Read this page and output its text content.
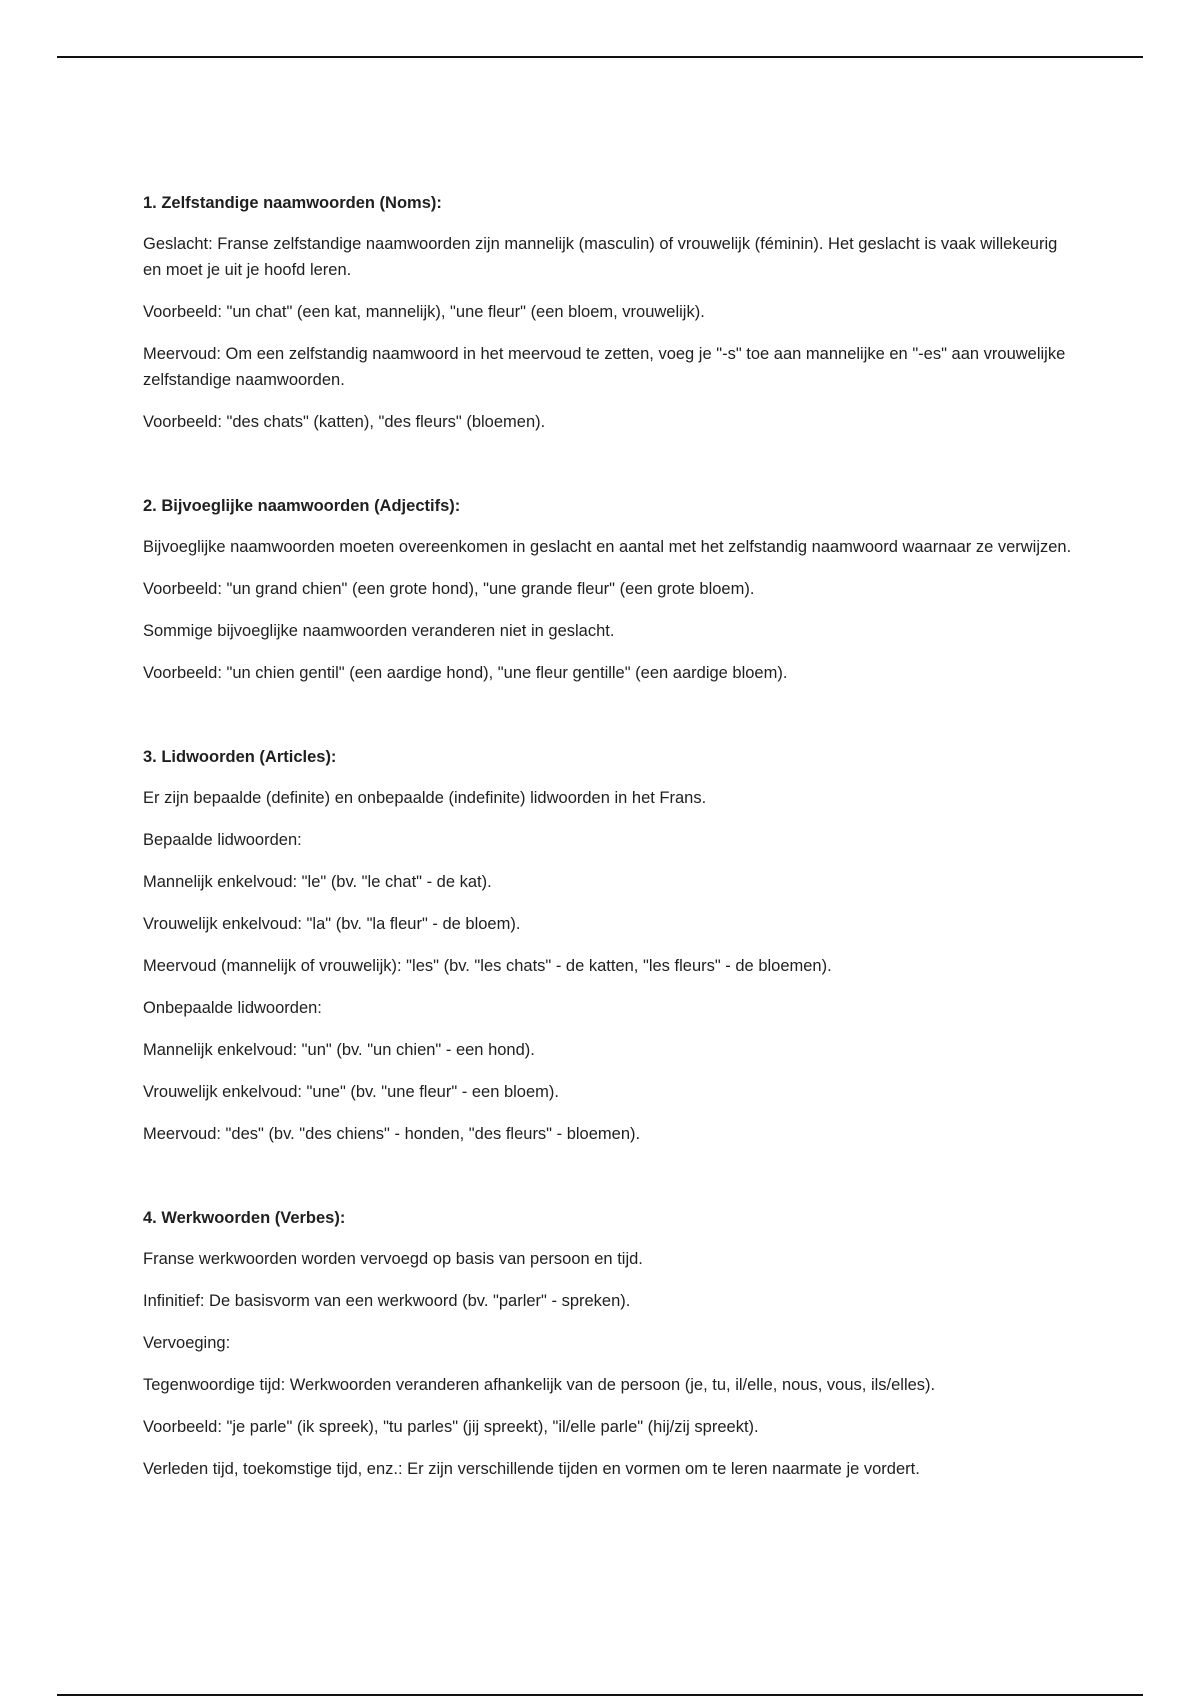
1. Zelfstandige naamwoorden (Noms):
Geslacht: Franse zelfstandige naamwoorden zijn mannelijk (masculin) of vrouwelijk (féminin). Het geslacht is vaak willekeurig en moet je uit je hoofd leren.
Voorbeeld: "un chat" (een kat, mannelijk), "une fleur" (een bloem, vrouwelijk).
Meervoud: Om een zelfstandig naamwoord in het meervoud te zetten, voeg je "-s" toe aan mannelijke en "-es" aan vrouwelijke zelfstandige naamwoorden.
Voorbeeld: "des chats" (katten), "des fleurs" (bloemen).
2. Bijvoeglijke naamwoorden (Adjectifs):
Bijvoeglijke naamwoorden moeten overeenkomen in geslacht en aantal met het zelfstandig naamwoord waarnaar ze verwijzen.
Voorbeeld: "un grand chien" (een grote hond), "une grande fleur" (een grote bloem).
Sommige bijvoeglijke naamwoorden veranderen niet in geslacht.
Voorbeeld: "un chien gentil" (een aardige hond), "une fleur gentille" (een aardige bloem).
3. Lidwoorden (Articles):
Er zijn bepaalde (definite) en onbepaalde (indefinite) lidwoorden in het Frans.
Bepaalde lidwoorden:
Mannelijk enkelvoud: "le" (bv. "le chat" - de kat).
Vrouwelijk enkelvoud: "la" (bv. "la fleur" - de bloem).
Meervoud (mannelijk of vrouwelijk): "les" (bv. "les chats" - de katten, "les fleurs" - de bloemen).
Onbepaalde lidwoorden:
Mannelijk enkelvoud: "un" (bv. "un chien" - een hond).
Vrouwelijk enkelvoud: "une" (bv. "une fleur" - een bloem).
Meervoud: "des" (bv. "des chiens" - honden, "des fleurs" - bloemen).
4. Werkwoorden (Verbes):
Franse werkwoorden worden vervoegd op basis van persoon en tijd.
Infinitief: De basisvorm van een werkwoord (bv. "parler" - spreken).
Vervoeging:
Tegenwoordige tijd: Werkwoorden veranderen afhankelijk van de persoon (je, tu, il/elle, nous, vous, ils/elles).
Voorbeeld: "je parle" (ik spreek), "tu parles" (jij spreekt), "il/elle parle" (hij/zij spreekt).
Verleden tijd, toekomstige tijd, enz.: Er zijn verschillende tijden en vormen om te leren naarmate je vordert.
